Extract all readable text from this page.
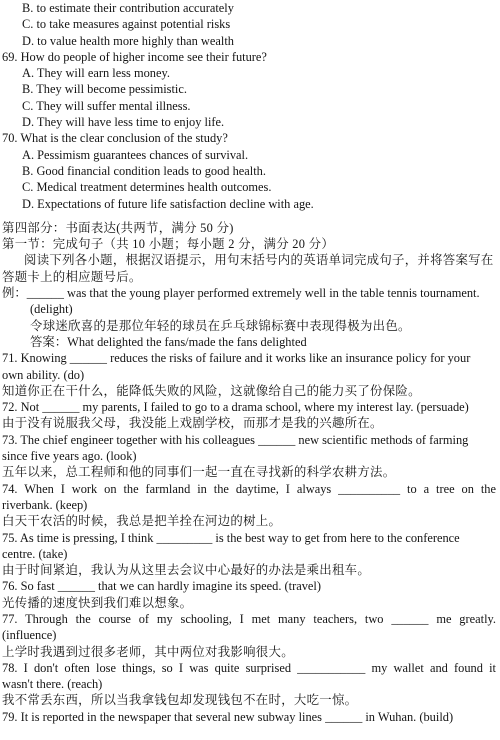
B. to estimate their contribution accurately
C. to take measures against potential risks
D. to value health more highly than wealth
69. How do people of higher income see their future?
A. They will earn less money.
B. They will become pessimistic.
C. They will suffer mental illness.
D. They will have less time to enjoy life.
70. What is the clear conclusion of the study?
A. Pessimism guarantees chances of survival.
B. Good financial condition leads to good health.
C. Medical treatment determines health outcomes.
D. Expectations of future life satisfaction decline with age.
第四部分：书面表达(共两节，满分 50 分)
第一节：完成句子（共 10 小题；每小题 2 分，满分 20 分）
阅读下列各小题，根据汉语提示，用句末括号内的英语单词完成句子，并将答案写在
答题卡上的相应题号后。
例：______ was that the young player performed extremely well in the table tennis tournament.
(delight)
令球迷欣喜的是那位年轻的球员在乒乓球锦标赛中表现得极为出色。
答案：What delighted the fans/made the fans delighted
71. Knowing ______ reduces the risks of failure and it works like an insurance policy for your
own ability. (do)
知道你正在干什么，能降低失败的风险，这就像给自己的能力买了份保险。
72. Not ______ my parents, I failed to go to a drama school, where my interest lay. (persuade)
由于没有说服我父母，我没能上戏剧学校，而那才是我的兴趣所在。
73. The chief engineer together with his colleagues ______ new scientific methods of farming
since five years ago. (look)
五年以来，总工程师和他的同事们一起一直在寻找新的科学农耕方法。
74. When I work on the farmland in the daytime, I always __________ to a tree on the
riverbank. (keep)
白天干农活的时候，我总是把羊拴在河边的树上。
75. As time is pressing, I think _________ is the best way to get from here to the conference
centre. (take)
由于时间紧迫，我认为从这里去会议中心最好的办法是乘出租车。
76. So fast ______ that we can hardly imagine its speed. (travel)
光传播的速度快到我们难以想象。
77. Through the course of my schooling, I met many teachers, two ______ me greatly.
(influence)
上学时我遇到过很多老师，其中两位对我影响很大。
78. I don't often lose things, so I was quite surprised ___________ my wallet and found it
wasn't there. (reach)
我不常丢东西，所以当我拿钱包却发现钱包不在时，大吃一惊。
79. It is reported in the newspaper that several new subway lines ______ in Wuhan. (build)
